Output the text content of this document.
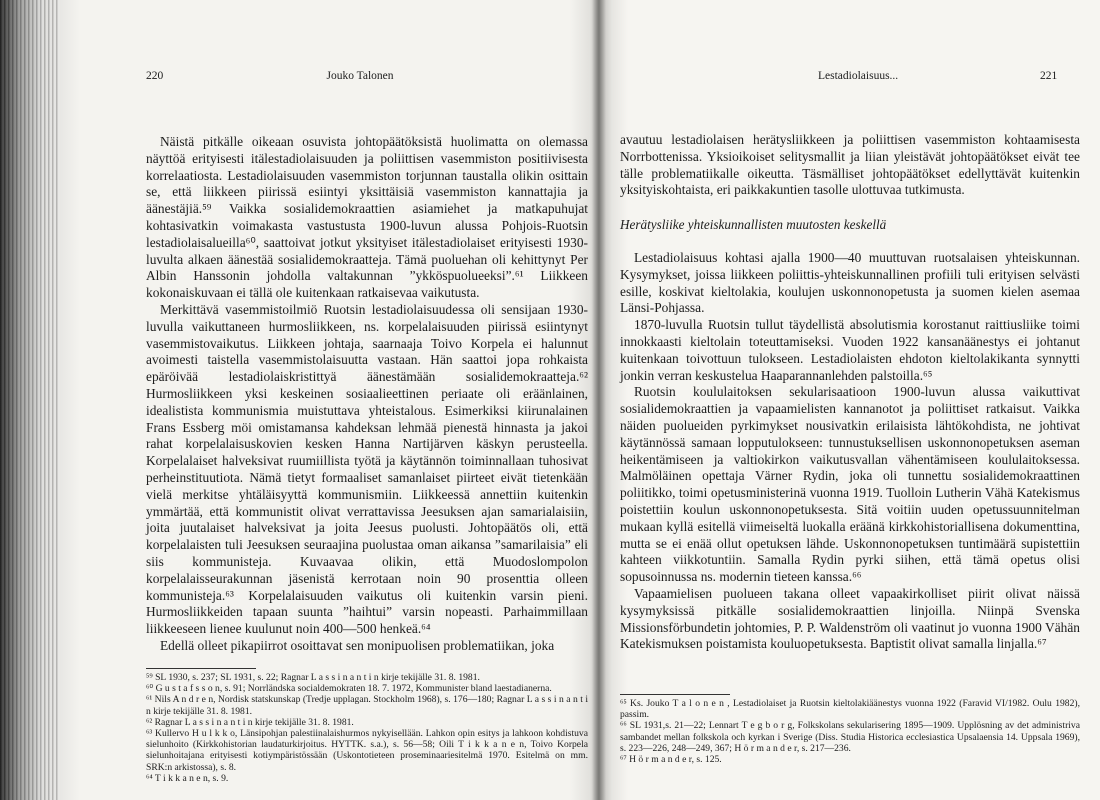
220	Jouko Talonen

Näistä pitkälle oikeaan osuvista johtopäätöksistä huolimatta on olemassa näyttöä erityisesti itälestadiolaisuuden ja poliittisen vasemmiston positiivisesta korrelaatiosta. Lestadiolaisuuden vasemmiston torjunnan taustalla olikin osittain se, että liikkeen piirissä esiintyi yksittäisiä vasemmiston kannattajia ja äänestäjiä.⁵⁹ Vaikka sosialidemokraattien asiamiehet ja matkapuhujat kohtasivatkin voimakasta vastustusta 1900-luvun alussa Pohjois-Ruotsin lestadiolaisalueilla⁶⁰, saattoivat jotkut yksityiset itälestadiolaiset erityisesti 1930-luvulta alkaen äänestää sosialidemokraatteja. Tämä puoluehan oli kehittynyt Per Albin Hanssonin johdolla valtakunnan ”ykköspuolueeksi”.⁶¹ Liikkeen kokonaiskuvaan ei tällä ole kuitenkaan ratkaisevaa vaikutusta.

Merkittävä vasemmistoilmiö Ruotsin lestadiolaisuudessa oli sensijaan 1930-luvulla vaikuttaneen hurmosliikkeen, ns. korpelalaisuuden piirissä esiintynyt vasemmistovaikutus. Liikkeen johtaja, saarnaaja Toivo Korpela ei halunnut avoimesti taistella vasemmistolaisuutta vastaan. Hän saattoi jopa rohkaista epäröivää lestadiolaiskristittyä äänestämään sosialidemokraatteja.⁶² Hurmosliikkeen yksi keskeinen sosiaalieettinen periaate oli eräänlainen, idealistista kommunismia muistuttava yhteistalous. Esimerkiksi kiirunalainen Frans Essberg möi omistamansa kahdeksan lehmää pienestä hinnasta ja jakoi rahat korpelalaisuskovien kesken Hanna Nartijärven käskyn perusteella. Korpelalaiset halveksivat ruumiillista työtä ja käytännön toiminnallaan tuhosivat perheinstituutiota. Nämä tietyt formaaliset samanlaiset piirteet eivät tietenkään vielä merkitse yhtäläisyyttä kommunismiin. Liikkeessä annettiin kuitenkin ymmärtää, että kommunistit olivat verrattavissa Jeesuksen ajan samarialaisiin, joita juutalaiset halveksivat ja joita Jeesus puolusti. Johtopäätös oli, että korpelalaisten tuli Jeesuksen seuraajina puolustaa oman aikansa ”samarilaisia” eli siis kommunisteja. Kuvaavaa olikin, että Muodoslompolon korpelalaisseurakunnan jäsenistä kerrotaan noin 90 prosenttia olleen kommunisteja.⁶³ Korpelalaisuuden vaikutus oli kuitenkin varsin pieni. Hurmosliikkeiden tapaan suunta ”haihtui” varsin nopeasti. Parhaimmillaan liikkeeseen lienee kuulunut noin 400—500 henkeä.⁶⁴

Edellä olleet pikapiirrot osoittavat sen monipuolisen problematiikan, joka

⁵⁹ SL 1930, s. 237; SL 1931, s. 22; Ragnar L a s s i n a n t i n kirje tekijälle 31. 8. 1981.
⁶⁰ G u s t a f s s o n, s. 91; Norrländska socialdemokraten 18. 7. 1972, Kommunister bland laestadianerna.
⁶¹ Nils A n d r e n, Nordisk statskunskap (Tredje upplagan. Stockholm 1968), s. 176—180; Ragnar L a s s i n a n t i n kirje tekijälle 31. 8. 1981.
⁶² Ragnar L a s s i n a n t i n kirje tekijälle 31. 8. 1981.
⁶³ Kullervo H u l k k o, Länsipohjan palestiinalaishurmos nykyisellään. Lahkon opin esitys ja lahkoon kohdistuva sielunhoito (Kirkkohistorian laudaturkirjoitus. HYTTK. s.a.), s. 56—58; Oili T i k k a n e n, Toivo Korpela sielunhoitajana erityisesti kotiympäristössään (Uskontotieteen proseminaariesitelmä 1970. Esitelmä on mm. SRK:n arkistossa), s. 8.
⁶⁴ T i k k a n e n, s. 9.
Lestadiolaisuus...	221

avautuu lestadiolaisen herätysliikkeen ja poliittisen vasemmiston kohtaamisesta Norrbottenissa. Yksioikoiset selitysmallit ja liian yleistävät johtopäätökset eivät tee tälle problematiikalle oikeutta. Täsmälliset johtopäätökset edellyttävät kuitenkin yksityiskohtaista, eri paikkakuntien tasolle ulottuvaa tutkimusta.

Herätysliike yhteiskunnallisten muutosten keskellä

Lestadiolaisuus kohtasi ajalla 1900—40 muuttuvan ruotsalaisen yhteiskunnan. Kysymykset, joissa liikkeen poliittis-yhteiskunnallinen profiili tuli erityisen selvästi esille, koskivat kieltolakia, koulujen uskonnonopetusta ja suomen kielen asemaa Länsi-Pohjassa.

1870-luvulla Ruotsin tullut täydellistä absolutismia korostanut raittiusliike toimi innokkaasti kieltolain toteuttamiseksi. Vuoden 1922 kansanäänestys ei johtanut kuitenkaan toivottuun tulokseen. Lestadiolaisten ehdoton kieltolakikanta synnytti jonkin verran keskustelua Haaparannanlehden palstoilla.⁶⁵

Ruotsin koululaitoksen sekularisaatioon 1900-luvun alussa vaikuttivat sosialidemokraattien ja vapaamielisten kannanotot ja poliittiset ratkaisut. Vaikka näiden puolueiden pyrkimykset nousivatkin erilaisista lähtökohdista, ne johtivat käytännössä samaan lopputulokseen: tunnustuksellisen uskonnonopetuksen aseman heikentämiseen ja valtiokirkon vaikutusvallan vähentämiseen koululaitoksessa. Malmöläinen opettaja Värner Rydin, joka oli tunnettu sosialidemokraattinen poliitikko, toimi opetusministerinä vuonna 1919. Tuolloin Lutherin Vähä Katekismus poistettiin koulun uskonnonopetuksesta. Sitä voitiin uuden opetussuunnitelman mukaan kyllä esitellä viimeiseltä luokalla eräänä kirkkohistoriallisena dokumenttina, mutta se ei enää ollut opetuksen lähde. Uskonnonopetuksen tuntimäärä supistettiin kahteen viikkotuntiin. Samalla Rydin pyrki siihen, että tämä opetus olisi sopusoinnussa ns. modernin tieteen kanssa.⁶⁶

Vapaamielisen puolueen takana olleet vapaakirkolliset piirit olivat näissä kysymyksissä pitkälle sosialidemokraattien linjoilla. Niinpä Svenska Missionsförbundetin johtomies, P. P. Waldenström oli vaatinut jo vuonna 1900 Vähän Katekismuksen poistamista kouluopetuksesta. Baptistit olivat samalla linjalla.⁶⁷

⁶⁵ Ks. Jouko T a l o n e n , Lestadiolaiset ja Ruotsin kieltolakiäänestys vuonna 1922 (Faravid VI/1982. Oulu 1982), passim.
⁶⁶ SL 1931,s. 21—22; Lennart T e g b o r g, Folkskolans sekularisering 1895—1909. Upplösning av det administriva sambandet mellan folkskola och kyrkan i Sverige (Diss. Studia Historica ecclesiastica Upsalaensia 14. Uppsala 1969), s. 223—226, 248—249, 367; H ö r m a n d e r, s. 217—236.
⁶⁷ H ö r m a n d e r, s. 125.
